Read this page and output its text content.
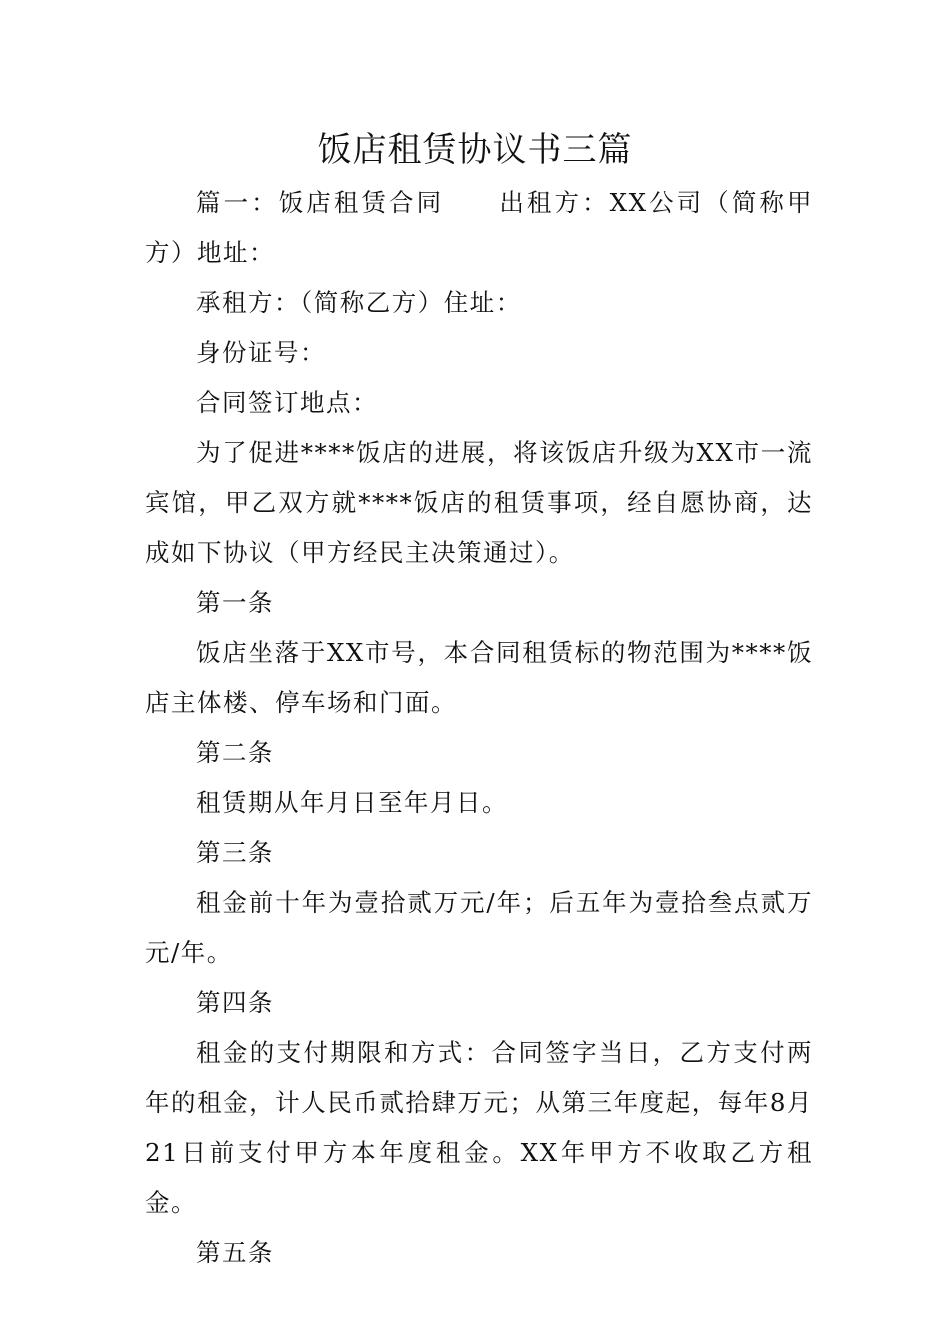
饭店租赁协议书三篇

篇一：饭店租赁合同　　出租方：XX公司（简称甲方）地址：

承租方：（简称乙方）住址：

身份证号：

合同签订地点：

为了促进****饭店的进展，将该饭店升级为XX市一流宾馆，甲乙双方就****饭店的租赁事项，经自愿协商，达成如下协议（甲方经民主决策通过）。

第一条

饭店坐落于XX市号，本合同租赁标的物范围为****饭店主体楼、停车场和门面。

第二条

租赁期从年月日至年月日。

第三条

租金前十年为壹拾贰万元/年；后五年为壹拾叁点贰万元/年。

第四条

租金的支付期限和方式：合同签字当日，乙方支付两年的租金，计人民币贰拾肆万元；从第三年度起，每年8月21日前支付甲方本年度租金。XX年甲方不收取乙方租金。

第五条
